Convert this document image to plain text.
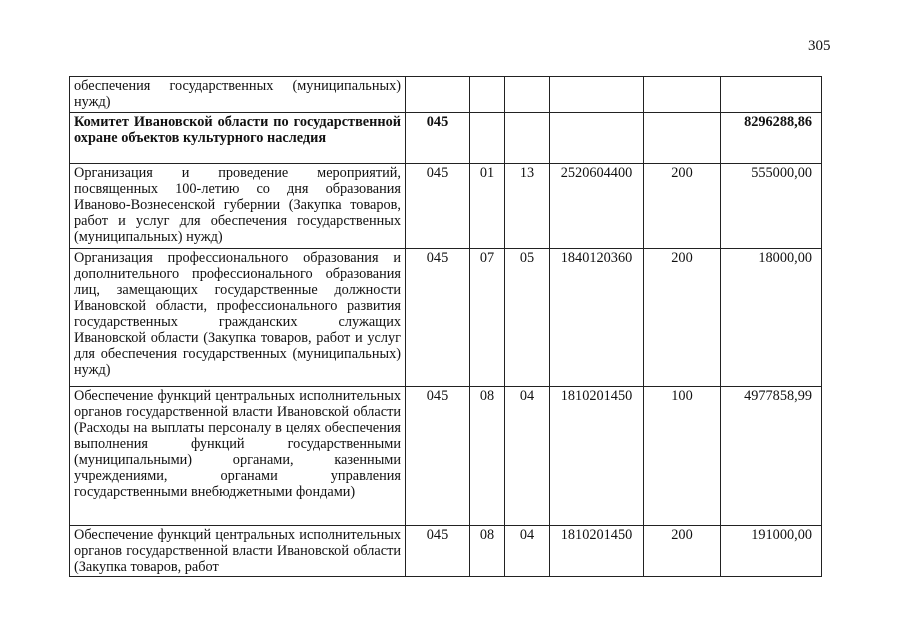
305
обеспечения государственных (муниципальных) нужд)						
Комитет Ивановской области по государственной охране объектов культурного наследия	045					8296288,86
Организация и проведение мероприятий, посвященных 100-летию со дня образования Иваново-Вознесенской губернии (Закупка товаров, работ и услуг для обеспечения государственных (муниципальных) нужд)	045	01	13	2520604400	200	555000,00
Организация профессионального образования и дополнительного профессионального образования лиц, замещающих государственные должности Ивановской области, профессионального развития государственных гражданских служащих Ивановской области (Закупка товаров, работ и услуг для обеспечения государственных (муниципальных) нужд)	045	07	05	1840120360	200	18000,00
Обеспечение функций центральных исполнительных органов государственной власти Ивановской области (Расходы на выплаты персоналу в целях обеспечения выполнения функций государственными (муниципальными) органами, казенными учреждениями, органами управления государственными внебюджетными фондами)	045	08	04	1810201450	100	4977858,99
Обеспечение функций центральных исполнительных органов государственной власти Ивановской области (Закупка товаров, работ	045	08	04	1810201450	200	191000,00
